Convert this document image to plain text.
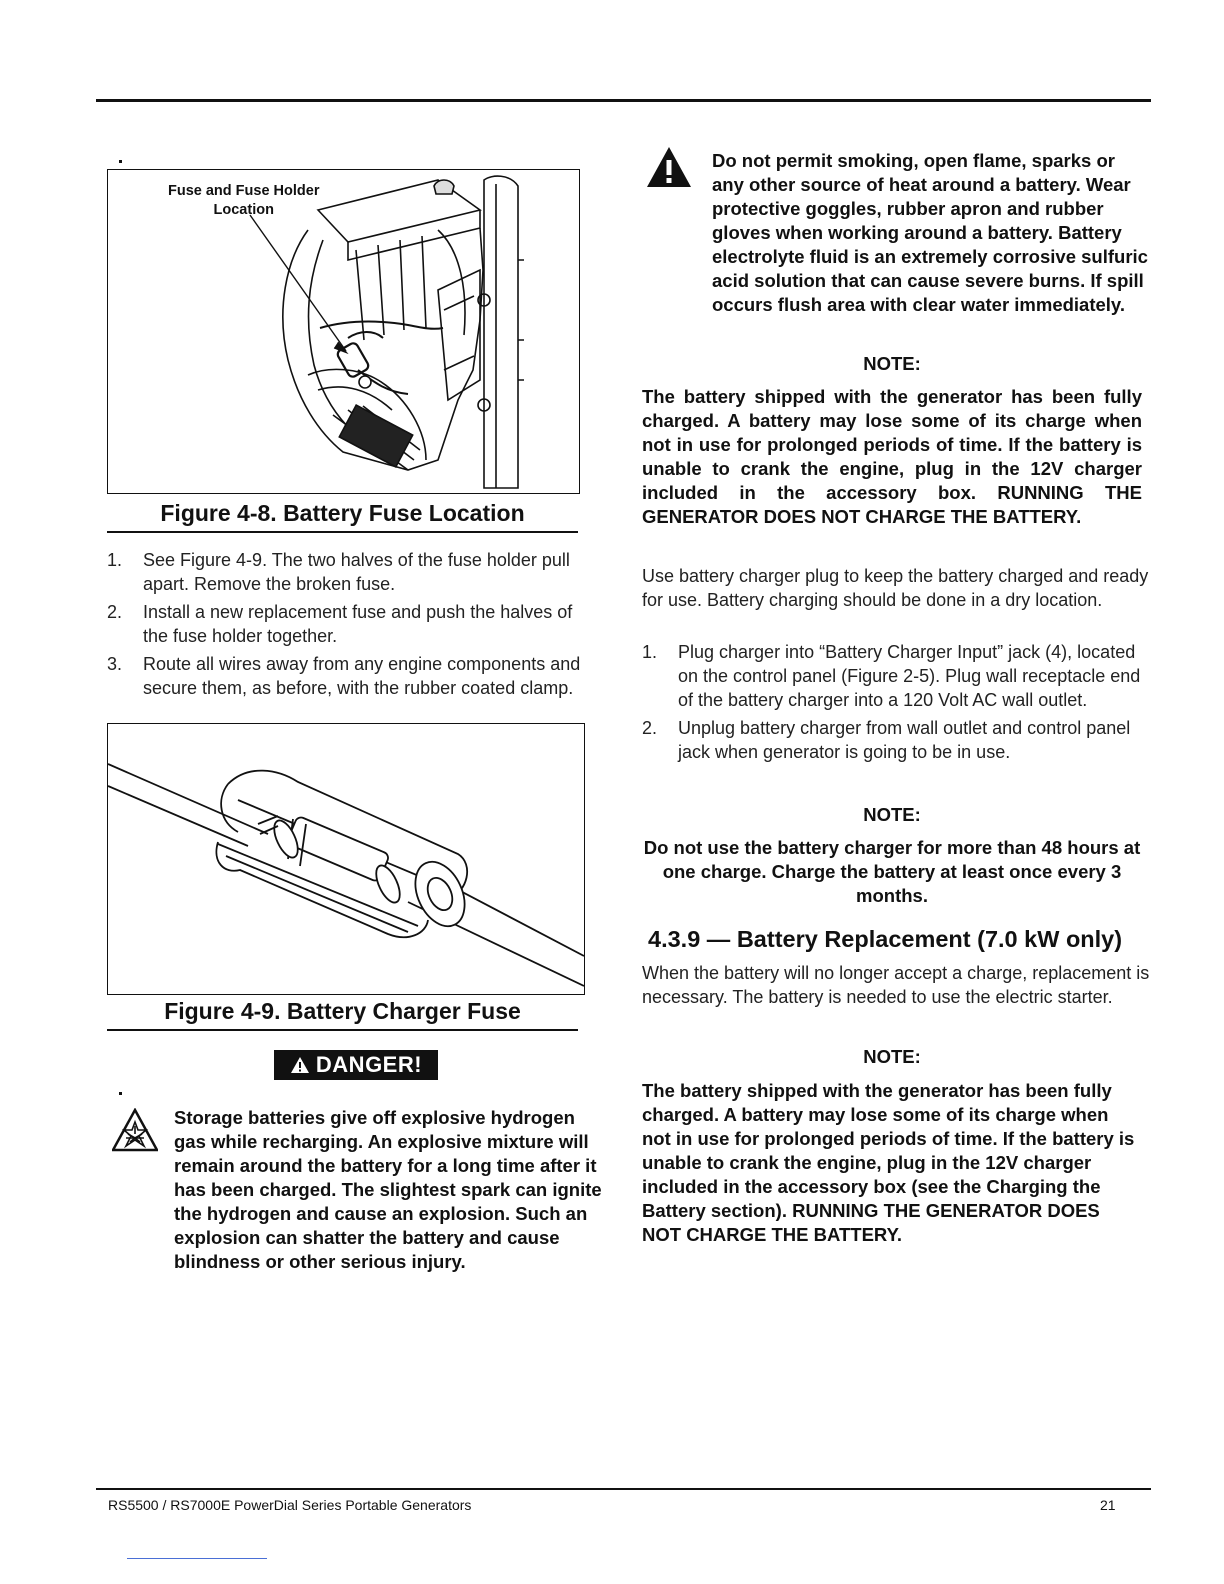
Fuse and Fuse Holder
Location
Figure 4-8. Battery Fuse Location
1. See Figure 4-9. The two halves of the fuse holder pull apart. Remove the broken fuse.
2. Install a new replacement fuse and push the halves of the fuse holder together.
3. Route all wires away from any engine components and secure them, as before, with the rubber coated clamp.
Figure 4-9. Battery Charger Fuse
DANGER!
Storage batteries give off explosive hydrogen gas while recharging. An explosive mixture will remain around the battery for a long time after it has been charged. The slightest spark can ignite the hydrogen and cause an explosion. Such an explosion can shatter the battery and cause blindness or other serious injury.
Do not permit smoking, open flame, sparks or any other source of heat around a battery. Wear protective goggles, rubber apron and rubber gloves when working around a battery. Battery electrolyte fluid is an extremely corrosive sulfuric acid solution that can cause severe burns. If spill occurs flush area with clear water immediately.
NOTE:
The battery shipped with the generator has been fully charged. A battery may lose some of its charge when not in use for prolonged periods of time. If the battery is unable to crank the engine, plug in the 12V charger included in the accessory box. RUNNING THE GENERATOR DOES NOT CHARGE THE BATTERY.
Use battery charger plug to keep the battery charged and ready for use. Battery charging should be done in a dry location.
1. Plug charger into “Battery Charger Input” jack (4), located on the control panel (Figure 2-5). Plug wall receptacle end of the battery charger into a 120 Volt AC wall outlet.
2. Unplug battery charger from wall outlet and control panel jack when generator is going to be in use.
NOTE:
Do not use the battery charger for more than 48 hours at one charge. Charge the battery at least once every 3 months.
4.3.9 — Battery Replacement (7.0 kW only)
When the battery will no longer accept a charge, replacement is necessary. The battery is needed to use the electric starter.
NOTE:
The battery shipped with the generator has been fully charged. A battery may lose some of its charge when not in use for prolonged periods of time. If the battery is unable to crank the engine, plug in the 12V charger included in the accessory box (see the Charging the Battery section). RUNNING THE GENERATOR DOES NOT CHARGE THE BATTERY.
RS5500 / RS7000E PowerDial Series Portable Generators	21
